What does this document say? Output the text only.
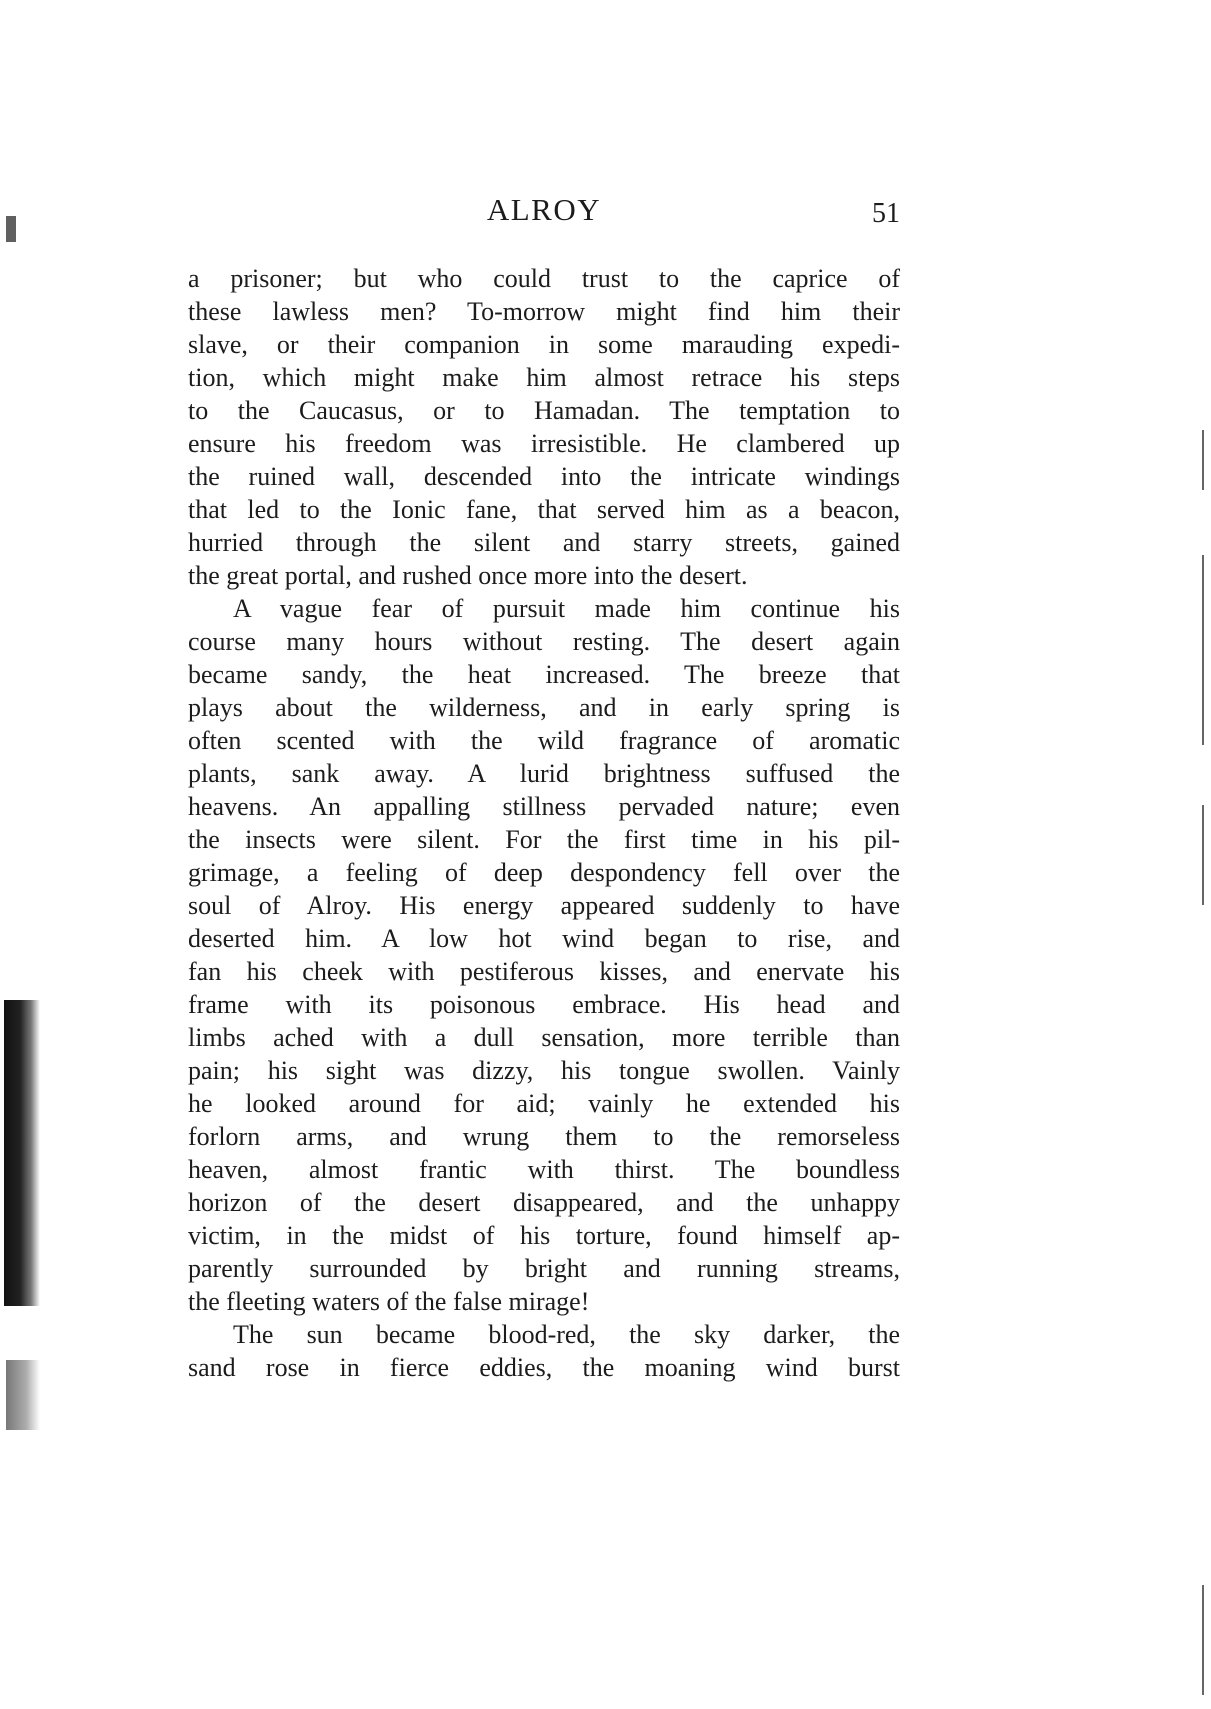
ALROY	51
a prisoner; but who could trust to the caprice of
these lawless men? To-morrow might find him their
slave, or their companion in some marauding expedi-
tion, which might make him almost retrace his steps
to the Caucasus, or to Hamadan. The temptation to
ensure his freedom was irresistible. He clambered up
the ruined wall, descended into the intricate windings
that led to the Ionic fane, that served him as a beacon,
hurried through the silent and starry streets, gained
the great portal, and rushed once more into the desert.
A vague fear of pursuit made him continue his
course many hours without resting. The desert again
became sandy, the heat increased. The breeze that
plays about the wilderness, and in early spring is
often scented with the wild fragrance of aromatic
plants, sank away. A lurid brightness suffused the
heavens. An appalling stillness pervaded nature; even
the insects were silent. For the first time in his pil-
grimage, a feeling of deep despondency fell over the
soul of Alroy. His energy appeared suddenly to have
deserted him. A low hot wind began to rise, and
fan his cheek with pestiferous kisses, and enervate his
frame with its poisonous embrace. His head and
limbs ached with a dull sensation, more terrible than
pain; his sight was dizzy, his tongue swollen. Vainly
he looked around for aid; vainly he extended his
forlorn arms, and wrung them to the remorseless
heaven, almost frantic with thirst. The boundless
horizon of the desert disappeared, and the unhappy
victim, in the midst of his torture, found himself ap-
parently surrounded by bright and running streams,
the fleeting waters of the false mirage!
The sun became blood-red, the sky darker, the
sand rose in fierce eddies, the moaning wind burst
